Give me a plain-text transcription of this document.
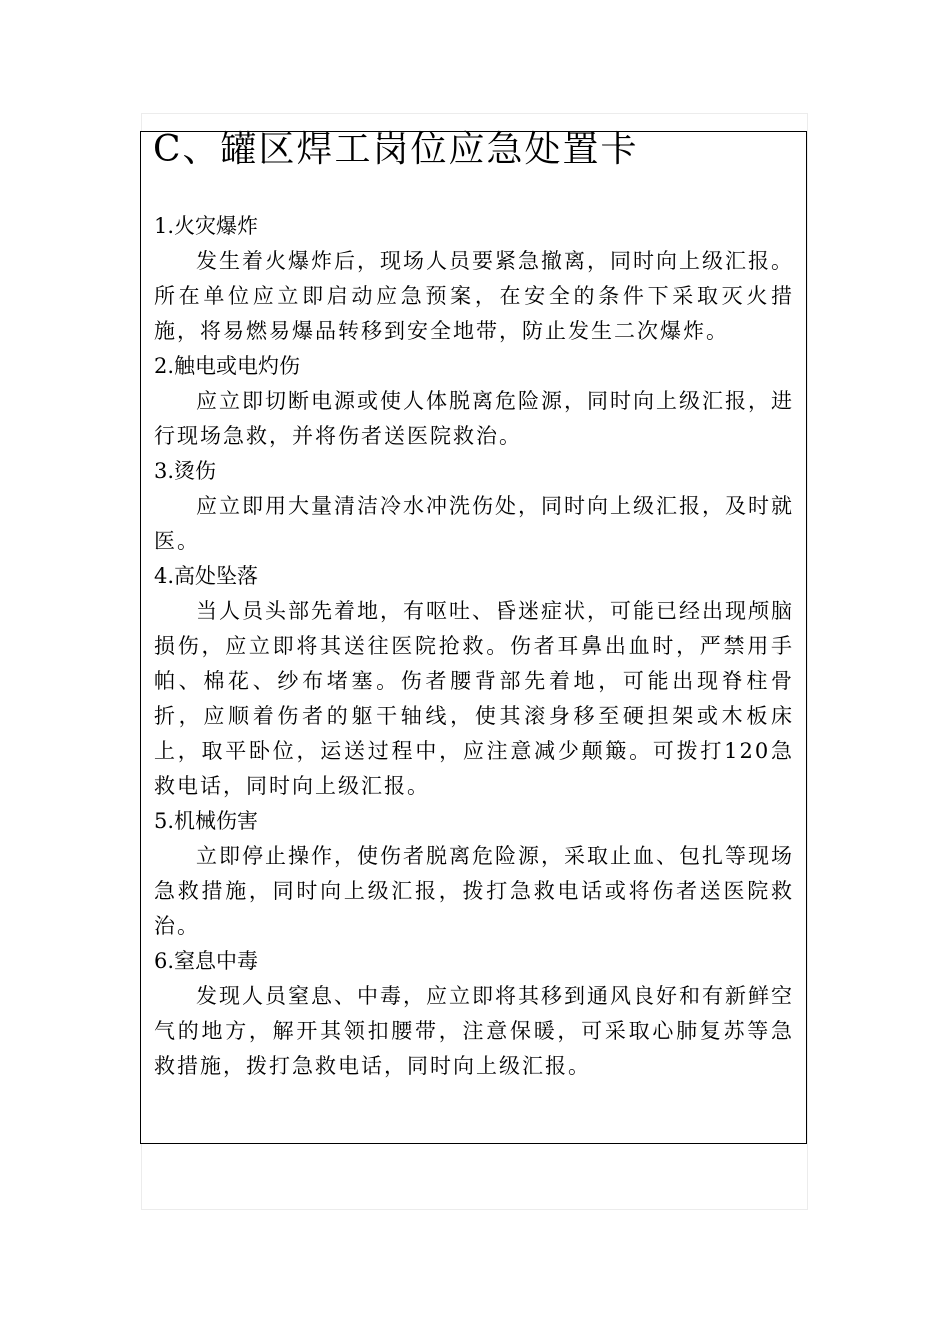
C、罐区焊工岗位应急处置卡

1.火灾爆炸

发生着火爆炸后，现场人员要紧急撤离，同时向上级汇报。所在单位应立即启动应急预案，在安全的条件下采取灭火措施，将易燃易爆品转移到安全地带，防止发生二次爆炸。

2.触电或电灼伤

应立即切断电源或使人体脱离危险源，同时向上级汇报，进行现场急救，并将伤者送医院救治。

3.烫伤

应立即用大量清洁冷水冲洗伤处，同时向上级汇报，及时就医。

4.高处坠落

当人员头部先着地，有呕吐、昏迷症状，可能已经出现颅脑损伤，应立即将其送往医院抢救。伤者耳鼻出血时，严禁用手帕、棉花、纱布堵塞。伤者腰背部先着地，可能出现脊柱骨折，应顺着伤者的躯干轴线，使其滚身移至硬担架或木板床上，取平卧位，运送过程中，应注意减少颠簸。可拨打120急救电话，同时向上级汇报。

5.机械伤害

立即停止操作，使伤者脱离危险源，采取止血、包扎等现场急救措施，同时向上级汇报，拨打急救电话或将伤者送医院救治。

6.窒息中毒

发现人员窒息、中毒，应立即将其移到通风良好和有新鲜空气的地方，解开其领扣腰带，注意保暖，可采取心肺复苏等急救措施，拨打急救电话，同时向上级汇报。
